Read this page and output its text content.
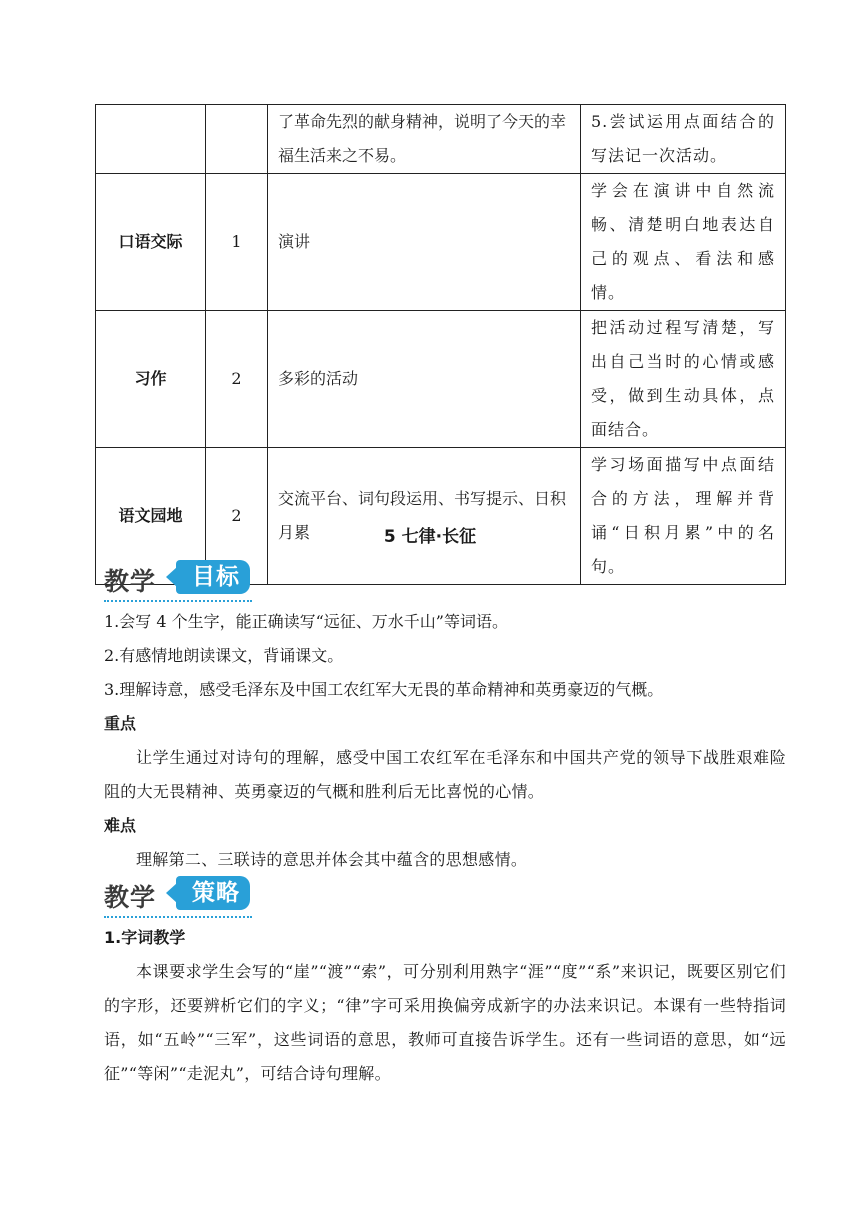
		了革命先烈的献身精神，说明了今天的幸福生活来之不易。	5.尝试运用点面结合的写法记一次活动。
口语交际	1	演讲	学会在演讲中自然流畅、清楚明白地表达自己的观点、看法和感情。
习作	2	多彩的活动	把活动过程写清楚，写出自己当时的心情或感受，做到生动具体，点面结合。
语文园地	2	交流平台、词句段运用、书写提示、日积月累	学习场面描写中点面结合的方法，理解并背诵“日积月累”中的名句。
5 七律·长征
教学	目标
1.会写 4 个生字，能正确读写“远征、万水千山”等词语。
2.有感情地朗读课文，背诵课文。
3.理解诗意，感受毛泽东及中国工农红军大无畏的革命精神和英勇豪迈的气概。
重点
让学生通过对诗句的理解，感受中国工农红军在毛泽东和中国共产党的领导下战胜艰难险阻的大无畏精神、英勇豪迈的气概和胜利后无比喜悦的心情。
难点
理解第二、三联诗的意思并体会其中蕴含的思想感情。
教学	策略
1.字词教学
本课要求学生会写的“崖”“渡”“索”，可分别利用熟字“涯”“度”“系”来识记，既要区别它们的字形，还要辨析它们的字义；“律”字可采用换偏旁成新字的办法来识记。本课有一些特指词语，如“五岭”“三军”，这些词语的意思，教师可直接告诉学生。还有一些词语的意思，如“远征”“等闲”“走泥丸”，可结合诗句理解。
